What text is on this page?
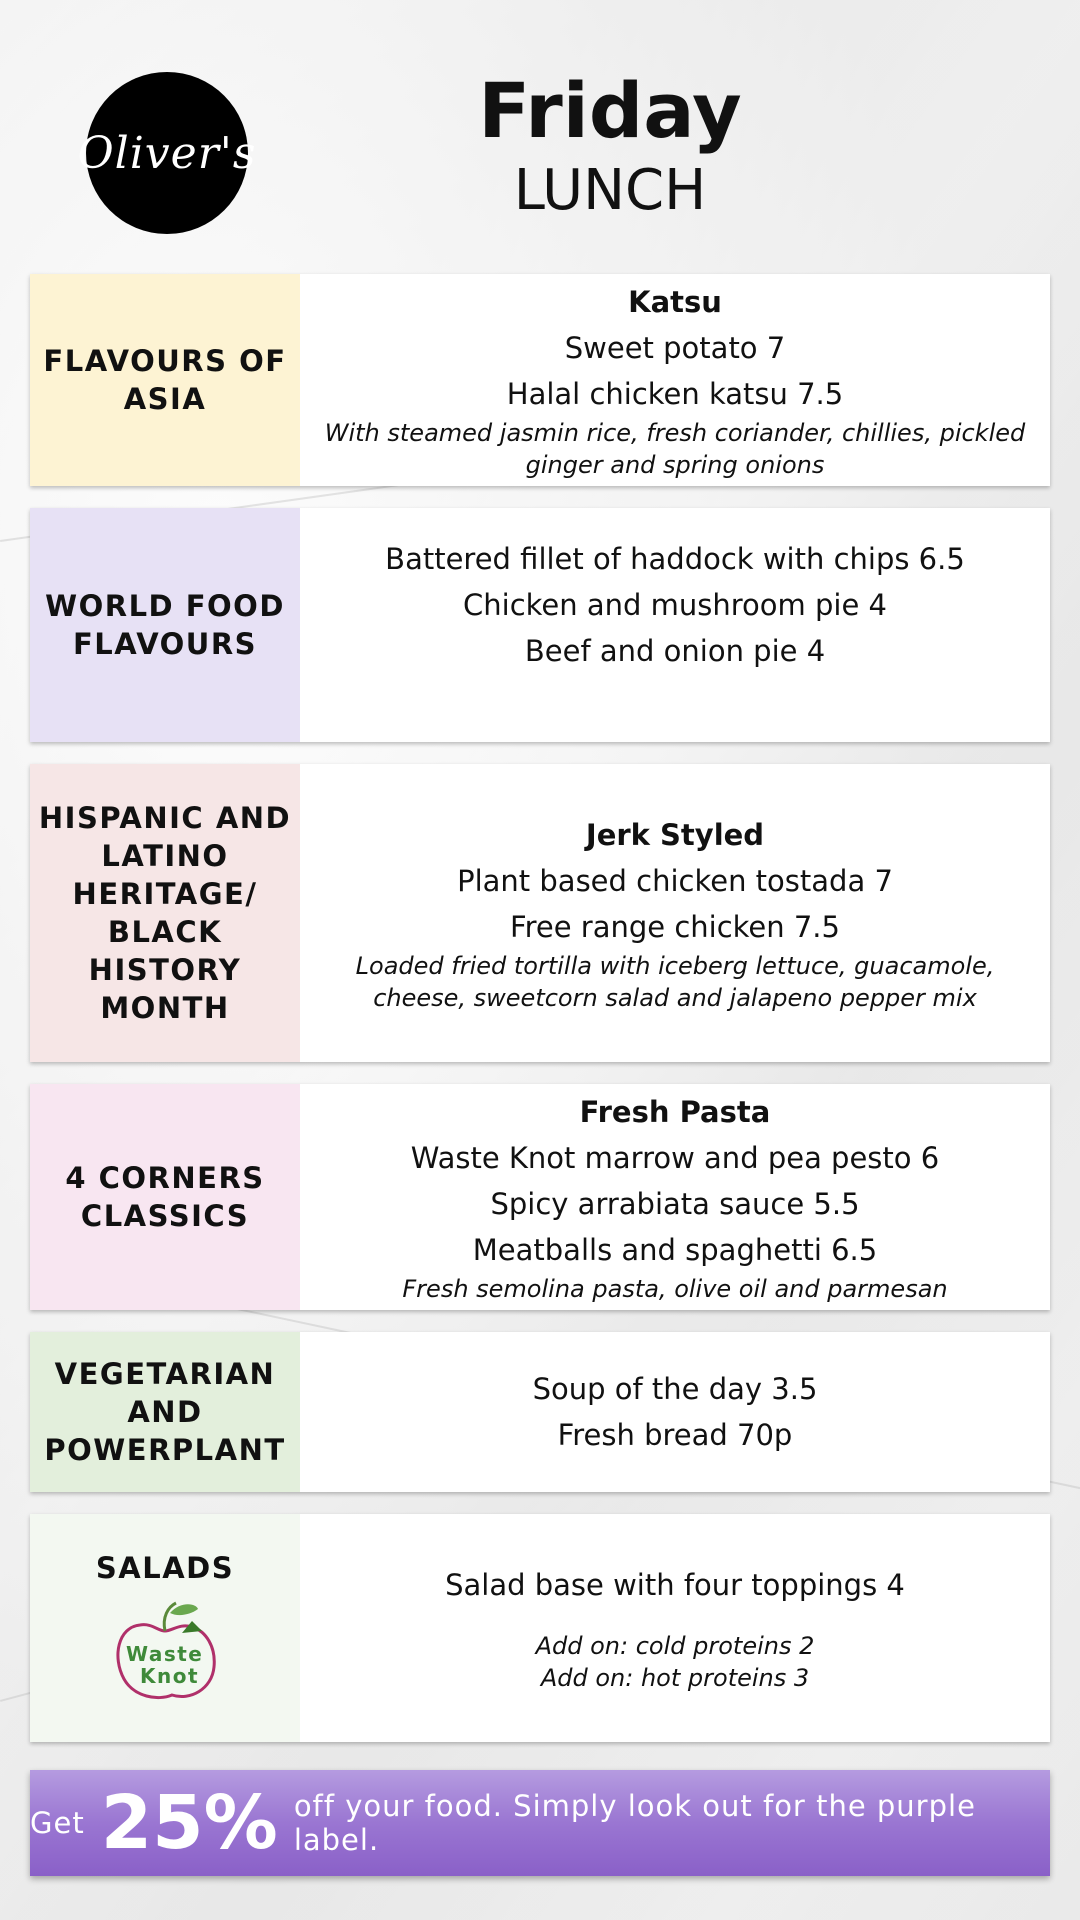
Oliver's	Friday
LUNCH
FLAVOURS OF
ASIA
Katsu
Sweet potato 7
Halal chicken katsu 7.5
With steamed jasmin rice, fresh coriander, chillies, pickled
ginger and spring onions
WORLD FOOD
FLAVOURS
Battered fillet of haddock with chips 6.5
Chicken and mushroom pie 4
Beef and onion pie 4
HISPANIC AND
LATINO
HERITAGE/
BLACK HISTORY
MONTH
Jerk Styled
Plant based chicken tostada 7
Free range chicken 7.5
Loaded fried tortilla with iceberg lettuce, guacamole,
cheese, sweetcorn salad and jalapeno pepper mix
4 CORNERS
CLASSICS
Fresh Pasta
Waste Knot marrow and pea pesto 6
Spicy arrabiata sauce 5.5
Meatballs and spaghetti 6.5
Fresh semolina pasta, olive oil and parmesan
VEGETARIAN
AND
POWERPLANT
Soup of the day 3.5
Fresh bread 70p
SALADS
Waste
Knot
Salad base with four toppings 4
Add on: cold proteins 2
Add on: hot proteins 3
Get 25% off your food. Simply look out for the purple label.
